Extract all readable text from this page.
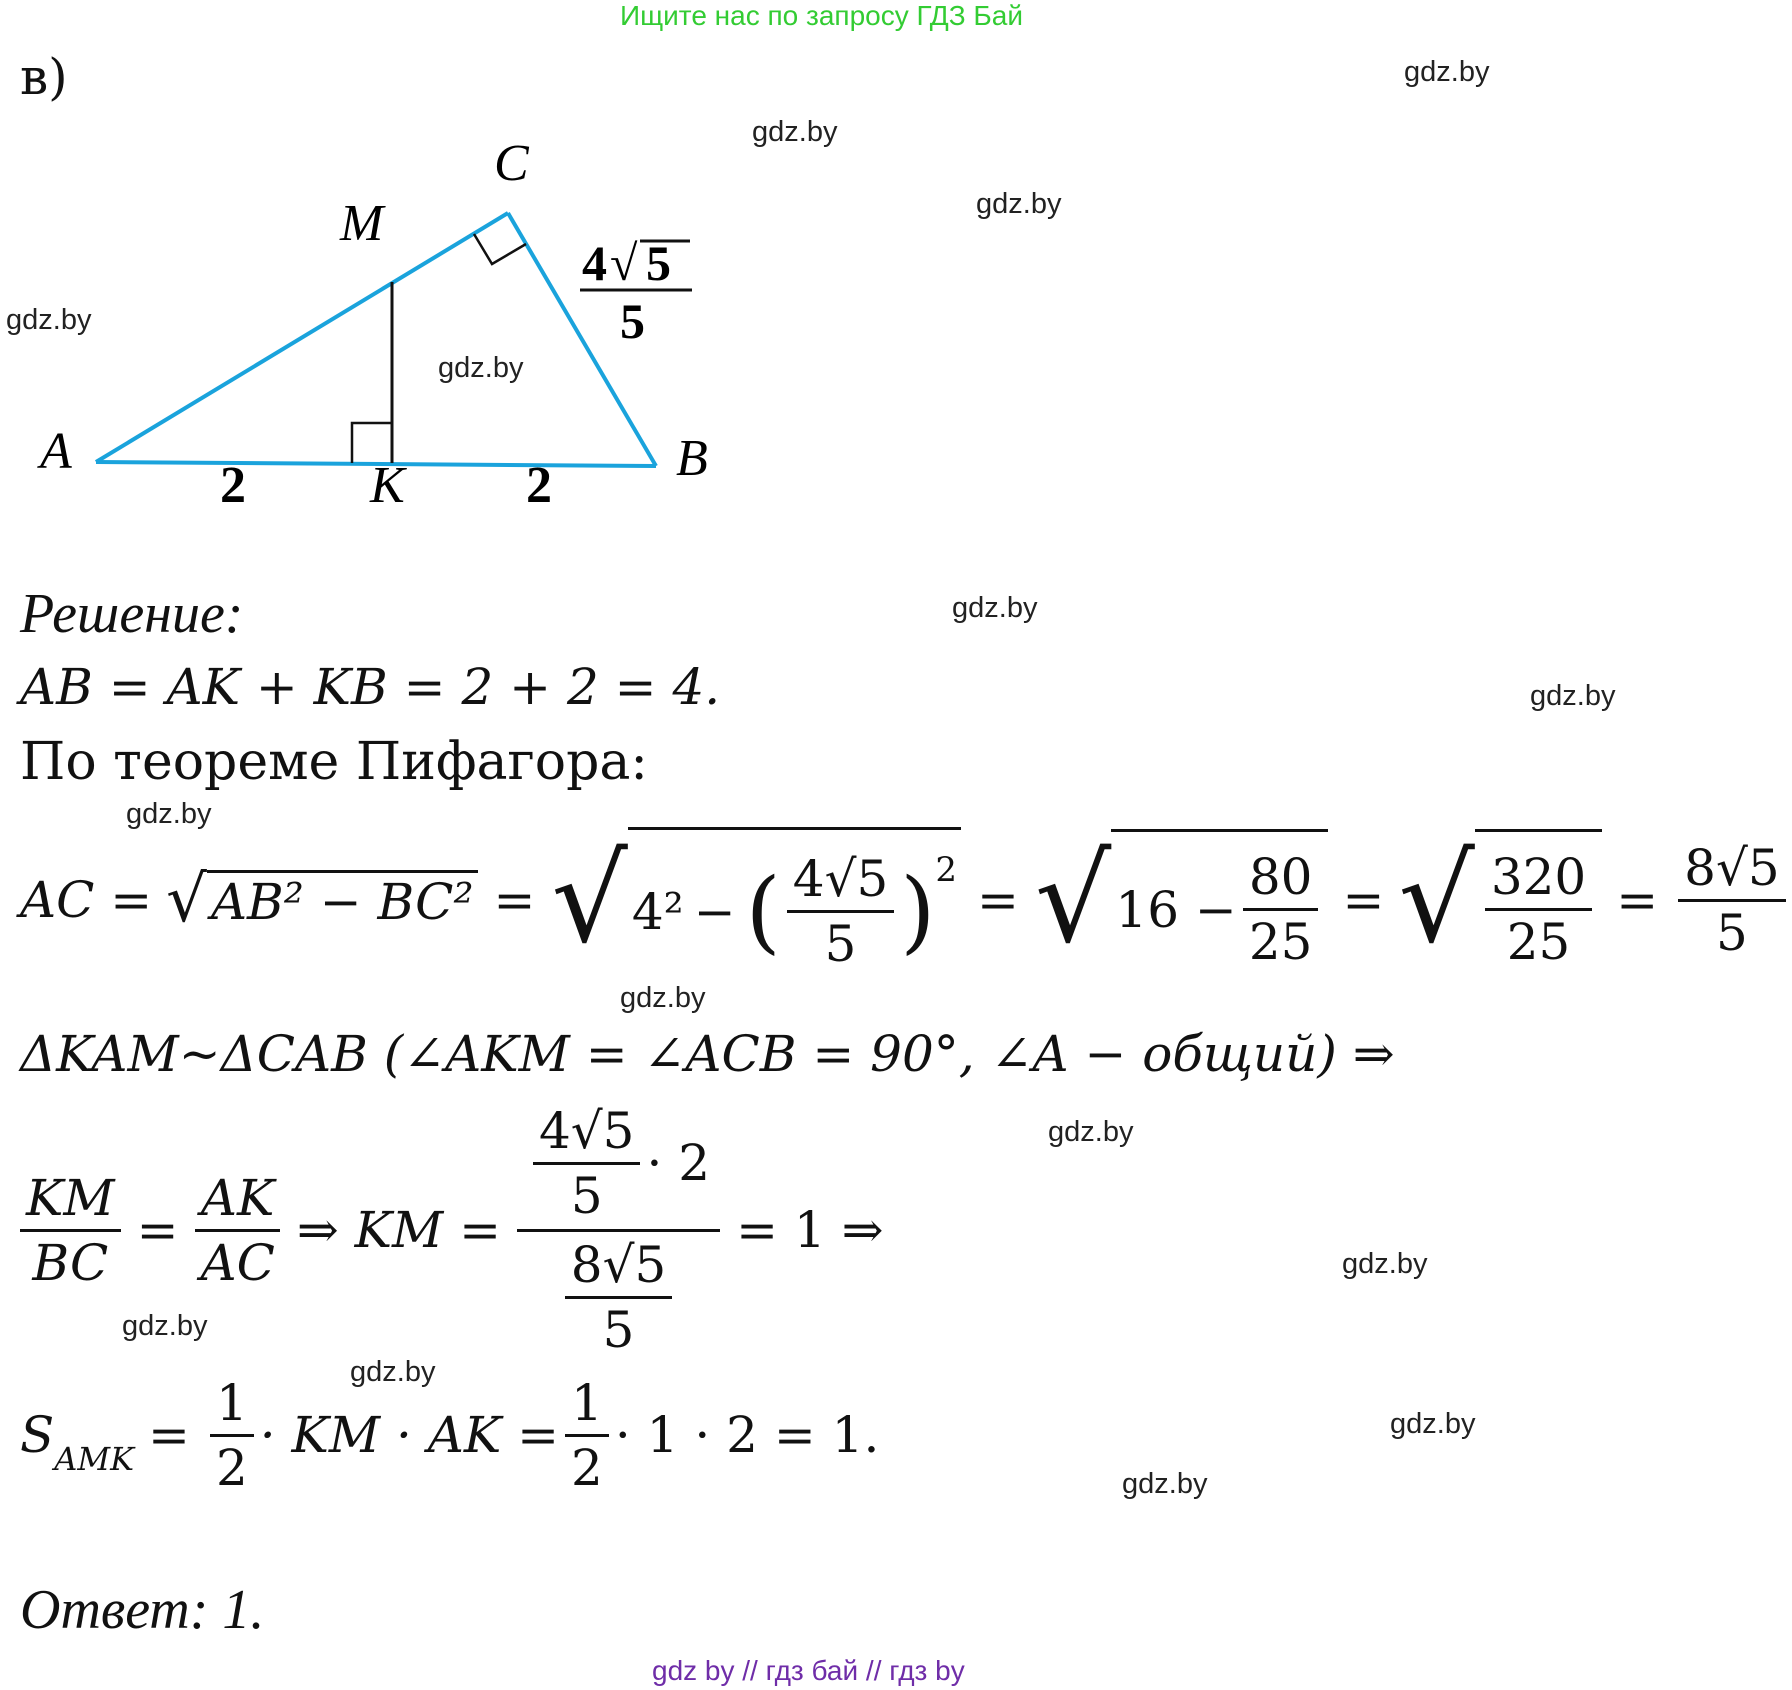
Ищите нас по запросу ГДЗ Бай
в)
A	B
C
M
K
2	2
4 √ 5
5
Решение:
AB = AK + KB = 2 + 2 = 4.
По теореме Пифагора:
AC = √ AB² − BC² = √ 4² − ( $\frac{4√5}{5} )^2$
= √ $16 - \frac{80}{25}$ = √ $\frac{320}{25} = \frac{8√5}{5}$
ΔKAM~ΔCAB (∠AKM = ∠ACB = 90°, ∠A − общий) ⇒
$\frac{KM}{BC} = \frac{AK}{AC}$ ⇒ KM = $\frac{\frac{4√5}{5} \cdot 2}{\frac{8√5}{5}} = 1$ ⇒
$S_{AMK} = \frac{1}{2}$ · KM · AK = $\frac{1}{2} \cdot 1 \cdot 2 = 1$.
Ответ: 1.
gdz.by
gdz.by
gdz.by
gdz.by
gdz.by
gdz.by
gdz.by
gdz.by
gdz.by
gdz.by
gdz.by
gdz.by
gdz.by
gdz.by
gdz.by
gdz by // гдз бай // гдз by
